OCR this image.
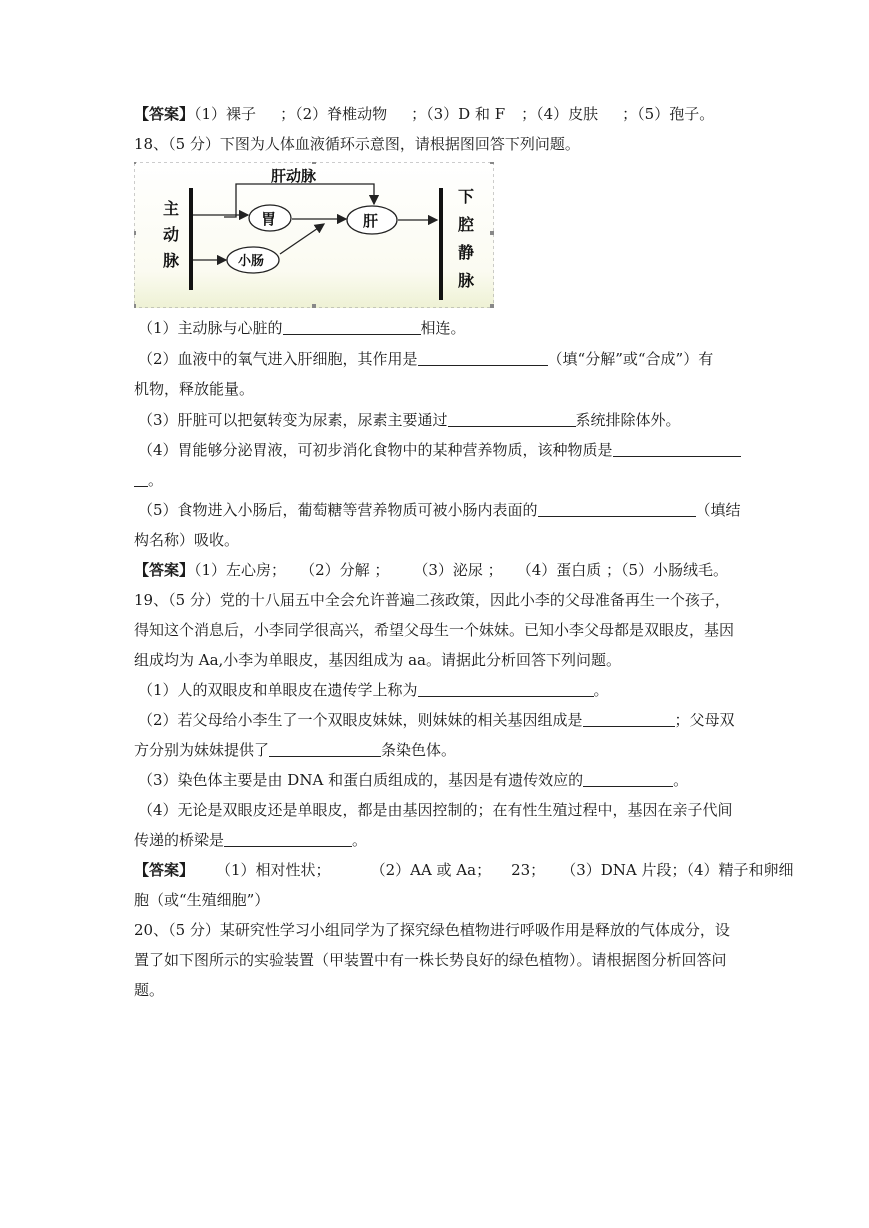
【答案】（1）裸子 ；（2）脊椎动物 ；（3）D 和 F ；（4）皮肤 ；（5）孢子。
18、（5 分）下图为人体血液循环示意图，请根据图回答下列问题。
肝动脉
胃	肝
小肠
主
动
脉
下
腔
静
脉
（1）主动脉与心脏的	相连。
（2）血液中的氧气进入肝细胞，其作用是	（填“分解”或“合成”）有
机物，释放能量。
（3）肝脏可以把氨转变为尿素，尿素主要通过	系统排除体外。
（4）胃能够分泌胃液，可初步消化食物中的某种营养物质，该种物质是
。
（5）食物进入小肠后，葡萄糖等营养物质可被小肠内表面的	（填结
构名称）吸收。
【答案】（1）左心房； （2）分解 ； （3）泌尿 ； （4）蛋白质 ；（5）小肠绒毛。
19、（5 分）党的十八届五中全会允许普遍二孩政策，因此小李的父母准备再生一个孩子，
得知这个消息后，小李同学很高兴，希望父母生一个妹妹。已知小李父母都是双眼皮，基因
组成均为 Aa,小李为单眼皮，基因组成为 aa。请据此分析回答下列问题。
（1）人的双眼皮和单眼皮在遗传学上称为	。
（2）若父母给小李生了一个双眼皮妹妹，则妹妹的相关基因组成是	；父母双
方分别为妹妹提供了	条染色体。
（3）染色体主要是由 DNA 和蛋白质组成的，基因是有遗传效应的	。
（4）无论是双眼皮还是单眼皮，都是由基因控制的；在有性生殖过程中，基因在亲子代间
传递的桥梁是	。
【答案】 （1）相对性状；	（2）AA 或 Aa； 23； （3）DNA 片段；（4）精子和卵细
胞（或“生殖细胞”）
20、（5 分）某研究性学习小组同学为了探究绿色植物进行呼吸作用是释放的气体成分，设
置了如下图所示的实验装置（甲装置中有一株长势良好的绿色植物）。请根据图分析回答问
题。
